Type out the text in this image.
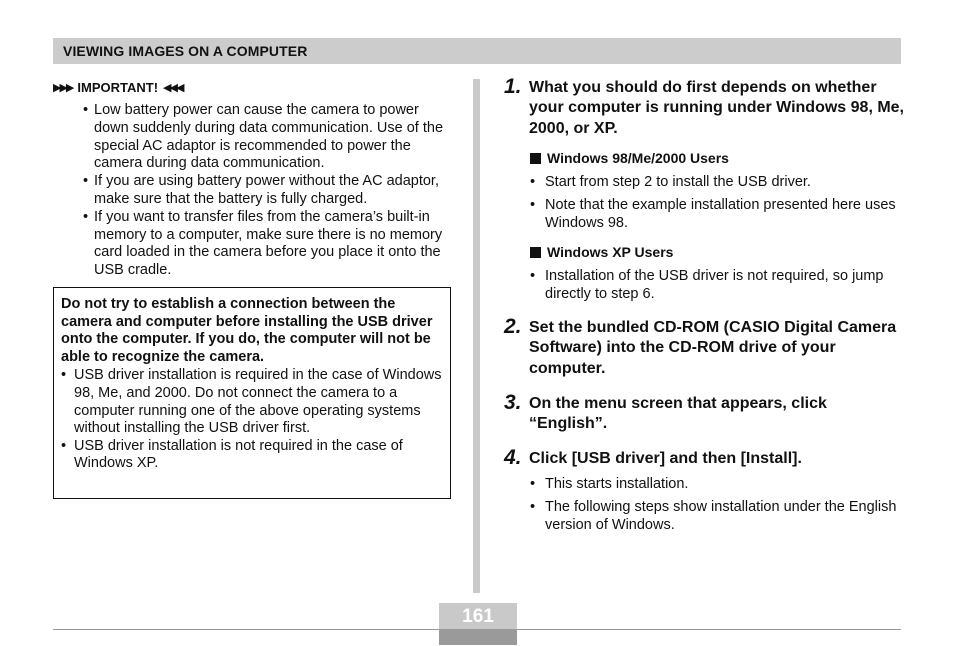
VIEWING IMAGES ON A COMPUTER
▶▶▶ IMPORTANT! ◀◀◀
• Low battery power can cause the camera to power down suddenly during data communication. Use of the special AC adaptor is recommended to power the camera during data communication.
• If you are using battery power without the AC adaptor, make sure that the battery is fully charged.
• If you want to transfer files from the camera’s built-in memory to a computer, make sure there is no memory card loaded in the camera before you place it onto the USB cradle.
Do not try to establish a connection between the camera and computer before installing the USB driver onto the computer. If you do, the computer will not be able to recognize the camera.
• USB driver installation is required in the case of Windows 98, Me, and 2000. Do not connect the camera to a computer running one of the above operating systems without installing the USB driver first.
• USB driver installation is not required in the case of Windows XP.
1. What you should do first depends on whether your computer is running under Windows 98, Me, 2000, or XP.
Windows 98/Me/2000 Users
• Start from step 2 to install the USB driver.
• Note that the example installation presented here uses Windows 98.
Windows XP Users
• Installation of the USB driver is not required, so jump directly to step 6.
2. Set the bundled CD-ROM (CASIO Digital Camera Software) into the CD-ROM drive of your computer.
3. On the menu screen that appears, click “English”.
4. Click [USB driver] and then [Install].
• This starts installation.
• The following steps show installation under the English version of Windows.
161
